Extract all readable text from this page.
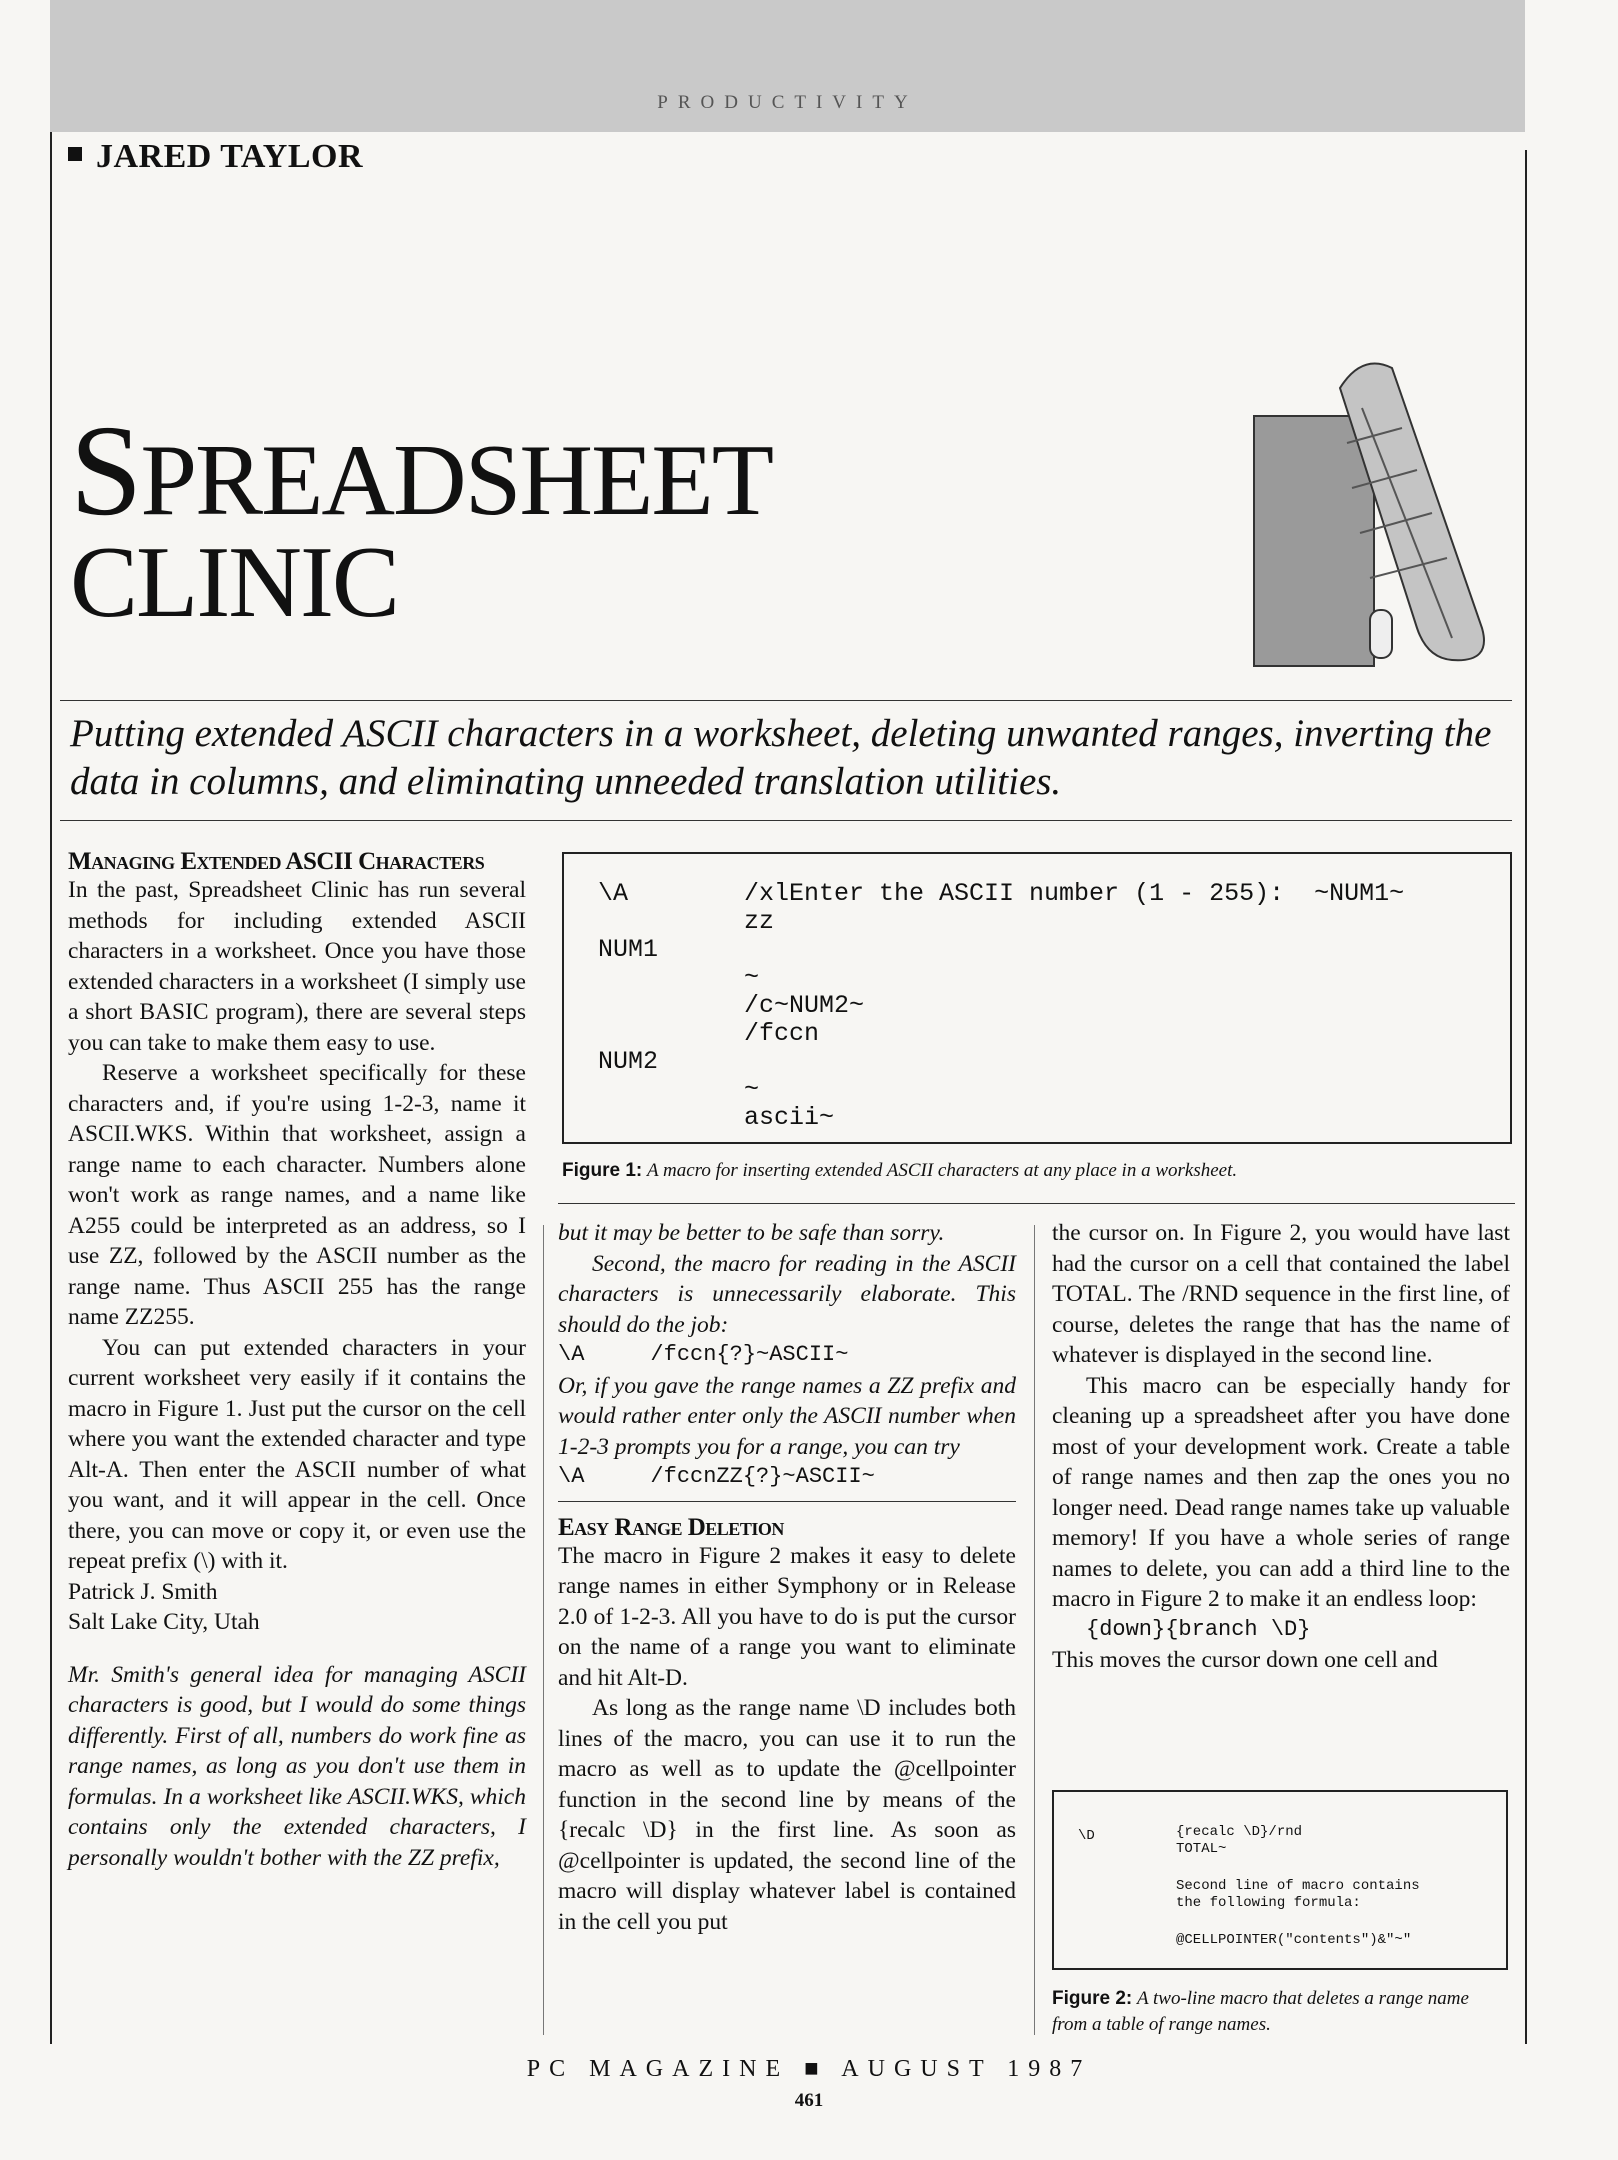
PRODUCTIVITY
JARED TAYLOR
SPREADSHEET
CLINIC
Putting extended ASCII characters in a worksheet, deleting unwanted ranges, inverting the data in columns, and eliminating unneeded translation utilities.

Managing Extended ASCII Characters

In the past, Spreadsheet Clinic has run several methods for including extended ASCII characters in a worksheet. Once you have those extended characters in a worksheet (I simply use a short BASIC program), there are several steps you can take to make them easy to use.

Reserve a worksheet specifically for these characters and, if you're using 1-2-3, name it ASCII.WKS. Within that worksheet, assign a range name to each character. Numbers alone won't work as range names, and a name like A255 could be interpreted as an address, so I use ZZ, followed by the ASCII number as the range name. Thus ASCII 255 has the range name ZZ255.

You can put extended characters in your current worksheet very easily if it contains the macro in Figure 1. Just put the cursor on the cell where you want the extended character and type Alt-A. Then enter the ASCII number of what you want, and it will appear in the cell. Once there, you can move or copy it, or even use the repeat prefix (\) with it.

Patrick J. Smith

Salt Lake City, Utah

Mr. Smith's general idea for managing ASCII characters is good, but I would do some things differently. First of all, numbers do work fine as range names, as long as you don't use them in formulas. In a worksheet like ASCII.WKS, which contains only the extended characters, I personally wouldn't bother with the ZZ prefix,

\A	/xlEnter the ASCII number (1 - 255):  ~NUM1~
zz
NUM1
~
/c~NUM2~
/fccn
NUM2
~
ascii~
Figure 1: A macro for inserting extended ASCII characters at any place in a worksheet.

but it may be better to be safe than sorry.

Second, the macro for reading in the ASCII characters is unnecessarily elaborate. This should do the job:

\A     /fccn{?}~ASCII~

Or, if you gave the range names a ZZ prefix and would rather enter only the ASCII number when 1-2-3 prompts you for a range, you can try

\A     /fccnZZ{?}~ASCII~

Easy Range Deletion

The macro in Figure 2 makes it easy to delete range names in either Symphony or in Release 2.0 of 1-2-3. All you have to do is put the cursor on the name of a range you want to eliminate and hit Alt-D.

As long as the range name \D includes both lines of the macro, you can use it to run the macro as well as to update the @cellpointer function in the second line by means of the {recalc \D} in the first line. As soon as @cellpointer is updated, the second line of the macro will display whatever label is contained in the cell you put

the cursor on. In Figure 2, you would have last had the cursor on a cell that contained the label TOTAL. The /RND sequence in the first line, of course, deletes the range that has the name of whatever is displayed in the second line.

This macro can be especially handy for cleaning up a spreadsheet after you have done most of your development work. Create a table of range names and then zap the ones you no longer need. Dead range names take up valuable memory! If you have a whole series of range names to delete, you can add a third line to the macro in Figure 2 to make it an endless loop:

{down}{branch \D}

This moves the cursor down one cell and

\D	{recalc \D}/rnd
TOTAL~
Second line of macro contains
the following formula:
@CELLPOINTER("contents")&"~"
Figure 2: A two-line macro that deletes a range name from a table of range names.
PC MAGAZINE ■ AUGUST 1987
461
